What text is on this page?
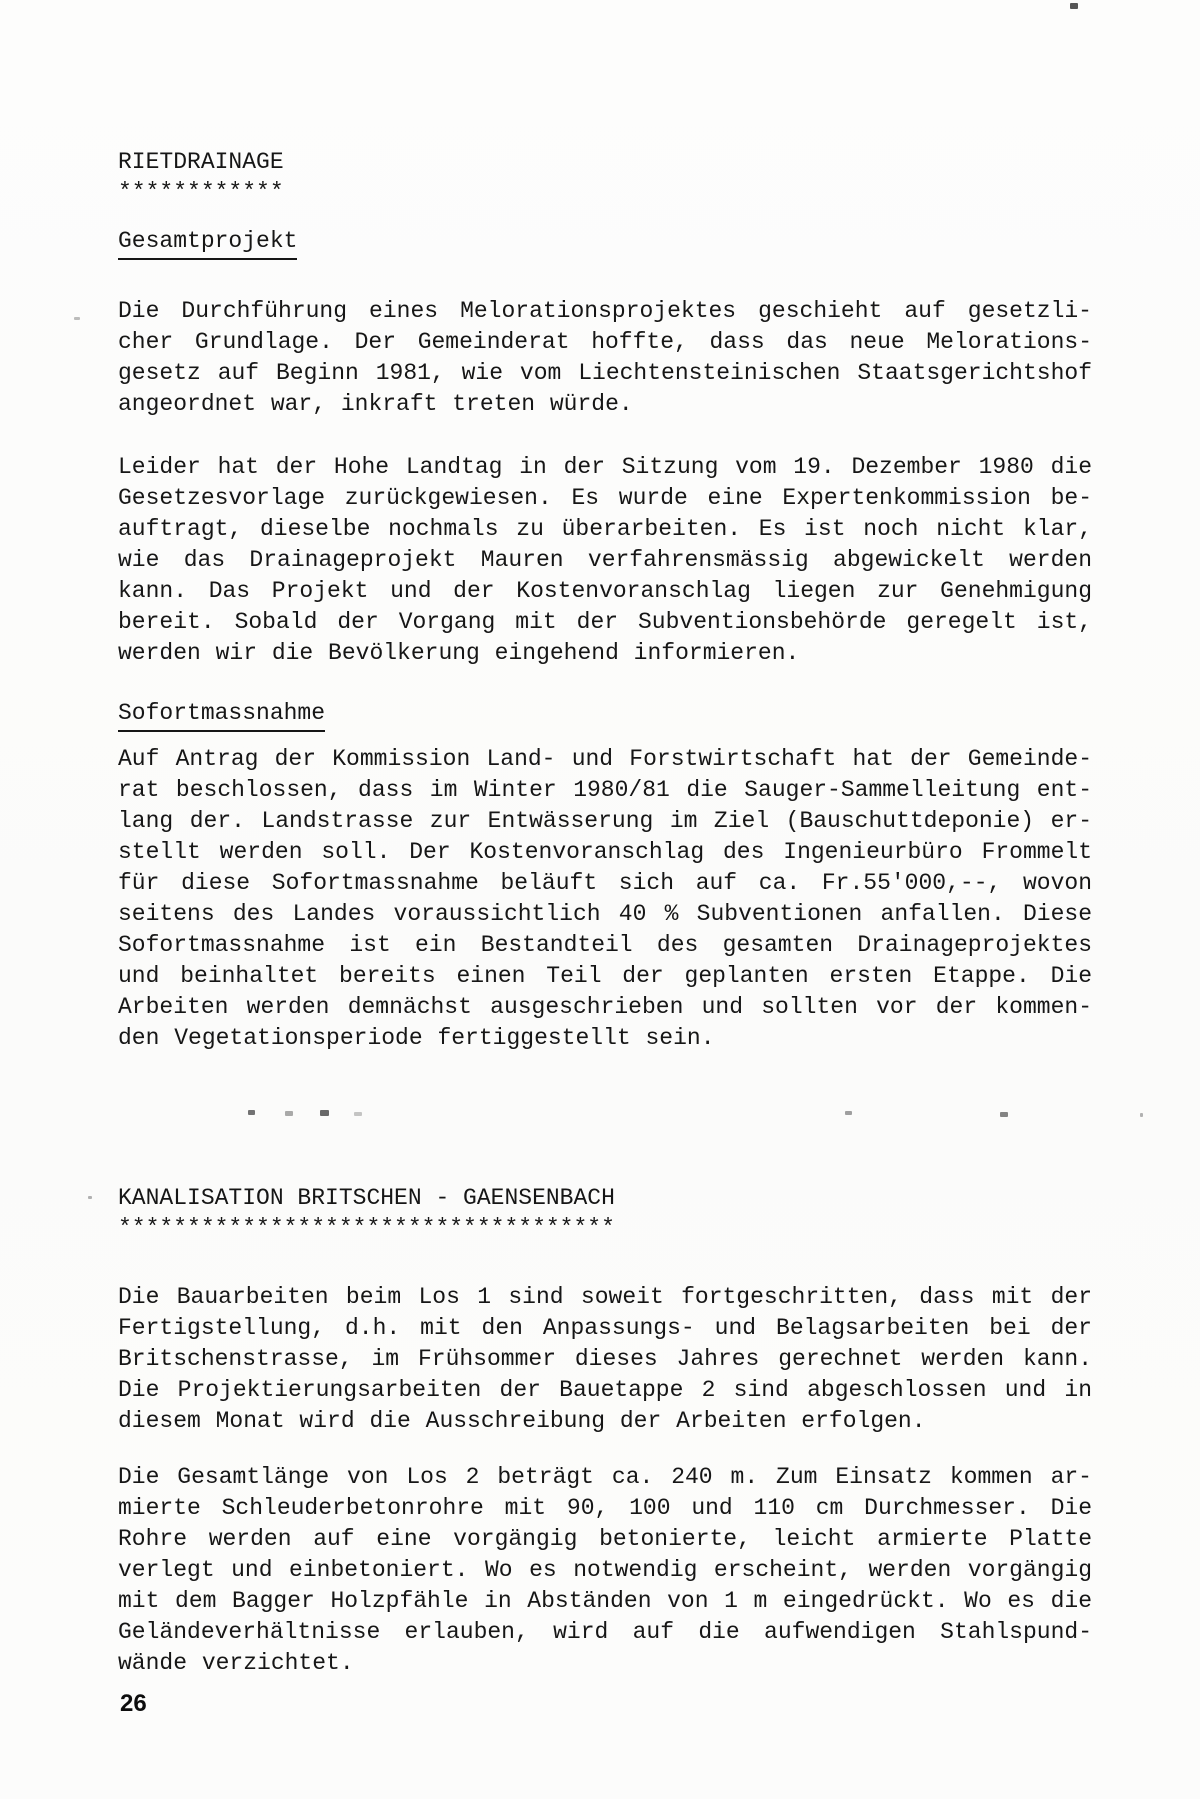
RIETDRAINAGE
************
Gesamtprojekt
Die Durchführung eines Melorationsprojektes geschieht auf gesetzli-
cher Grundlage. Der Gemeinderat hoffte, dass das neue Melorations-
gesetz auf Beginn 1981, wie vom Liechtensteinischen Staatsgerichtshof
angeordnet war, inkraft treten würde.
Leider hat der Hohe Landtag in der Sitzung vom 19. Dezember 1980 die
Gesetzesvorlage zurückgewiesen. Es wurde eine Expertenkommission be-
auftragt, dieselbe nochmals zu überarbeiten. Es ist noch nicht klar,
wie das Drainageprojekt Mauren verfahrensmässig abgewickelt werden
kann. Das Projekt und der Kostenvoranschlag liegen zur Genehmigung
bereit. Sobald der Vorgang mit der Subventionsbehörde geregelt ist,
werden wir die Bevölkerung eingehend informieren.
Sofortmassnahme
Auf Antrag der Kommission Land- und Forstwirtschaft hat der Gemeinde-
rat beschlossen, dass im Winter 1980/81 die Sauger-Sammelleitung ent-
lang der. Landstrasse zur Entwässerung im Ziel (Bauschuttdeponie) er-
stellt werden soll. Der Kostenvoranschlag des Ingenieurbüro Frommelt
für diese Sofortmassnahme beläuft sich auf ca. Fr.55'000,--, wovon
seitens des Landes voraussichtlich 40 % Subventionen anfallen. Diese
Sofortmassnahme ist ein Bestandteil des gesamten Drainageprojektes
und beinhaltet bereits einen Teil der geplanten ersten Etappe. Die
Arbeiten werden demnächst ausgeschrieben und sollten vor der kommen-
den Vegetationsperiode fertiggestellt sein.
KANALISATION BRITSCHEN - GAENSENBACH
************************************
Die Bauarbeiten beim Los 1 sind soweit fortgeschritten, dass mit der
Fertigstellung, d.h. mit den Anpassungs- und Belagsarbeiten bei der
Britschenstrasse, im Frühsommer dieses Jahres gerechnet werden kann.
Die Projektierungsarbeiten der Bauetappe 2 sind abgeschlossen und in
diesem Monat wird die Ausschreibung der Arbeiten erfolgen.
Die Gesamtlänge von Los 2 beträgt ca. 240 m. Zum Einsatz kommen ar-
mierte Schleuderbetonrohre mit 90, 100 und 110 cm Durchmesser. Die
Rohre werden auf eine vorgängig betonierte, leicht armierte Platte
verlegt und einbetoniert. Wo es notwendig erscheint, werden vorgängig
mit dem Bagger Holzpfähle in Abständen von 1 m eingedrückt. Wo es die
Geländeverhältnisse erlauben, wird auf die aufwendigen Stahlspund-
wände verzichtet.
26
